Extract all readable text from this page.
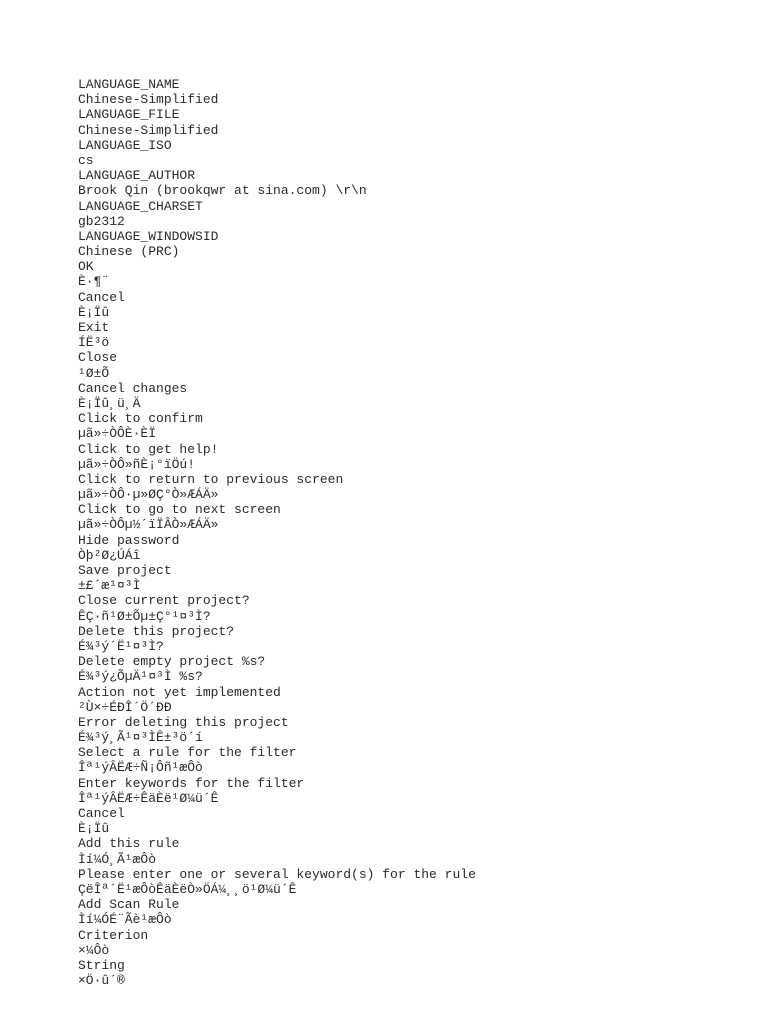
LANGUAGE_NAME
Chinese-Simplified
LANGUAGE_FILE
Chinese-Simplified
LANGUAGE_ISO
cs
LANGUAGE_AUTHOR
Brook Qin (brookqwr at sina.com) \r\n
LANGUAGE_CHARSET
gb2312
LANGUAGE_WINDOWSID
Chinese (PRC)
OK
È·¶¨
Cancel
È¡Ïû
Exit
ÍË³ö
Close
¹Ø±Õ
Cancel changes
È¡Ïû¸ü¸Ä
Click to confirm
µã»÷ÒÔÈ·ÈÏ
Click to get help!
µã»÷ÒÔ»ñÈ¡°ïÖú!
Click to return to previous screen
µã»÷ÒÔ·µ»ØÇ°Ò»ÆÁÄ»
Click to go to next screen
µã»÷ÒÔµ½´ïÏÂÒ»ÆÁÄ»
Hide password
Òþ²Ø¿ÚÁî
Save project
±£´æ¹¤³Ì
Close current project?
ÊÇ·ñ¹Ø±Õµ±Ç°¹¤³Ì?
Delete this project?
É¾³ý´Ë¹¤³Ì?
Delete empty project %s?
É¾³ý¿ÕµÄ¹¤³Ì %s?
Action not yet implemented
²Ù×÷ÉÐÎ´Ö´ÐÐ
Error deleting this project
É¾³ý¸Ã¹¤³ÌÊ±³ö´í
Select a rule for the filter
Îª¹ýÂËÆ÷Ñ¡Ôñ¹æÔò
Enter keywords for the filter
Îª¹ýÂËÆ÷ÊäÈë¹Ø¼ü´Ê
Cancel
È¡Ïû
Add this rule
Ìí¼Ó¸Ã¹æÔò
Please enter one or several keyword(s) for the rule
ÇëÎª´Ë¹æÔòÊäÈëÒ»ÖÁ¼¸¸ö¹Ø¼ü´Ê
Add Scan Rule
Ìí¼ÓÉ¨Ãè¹æÔò
Criterion
×¼Ôò
String
×Ö·û´®
